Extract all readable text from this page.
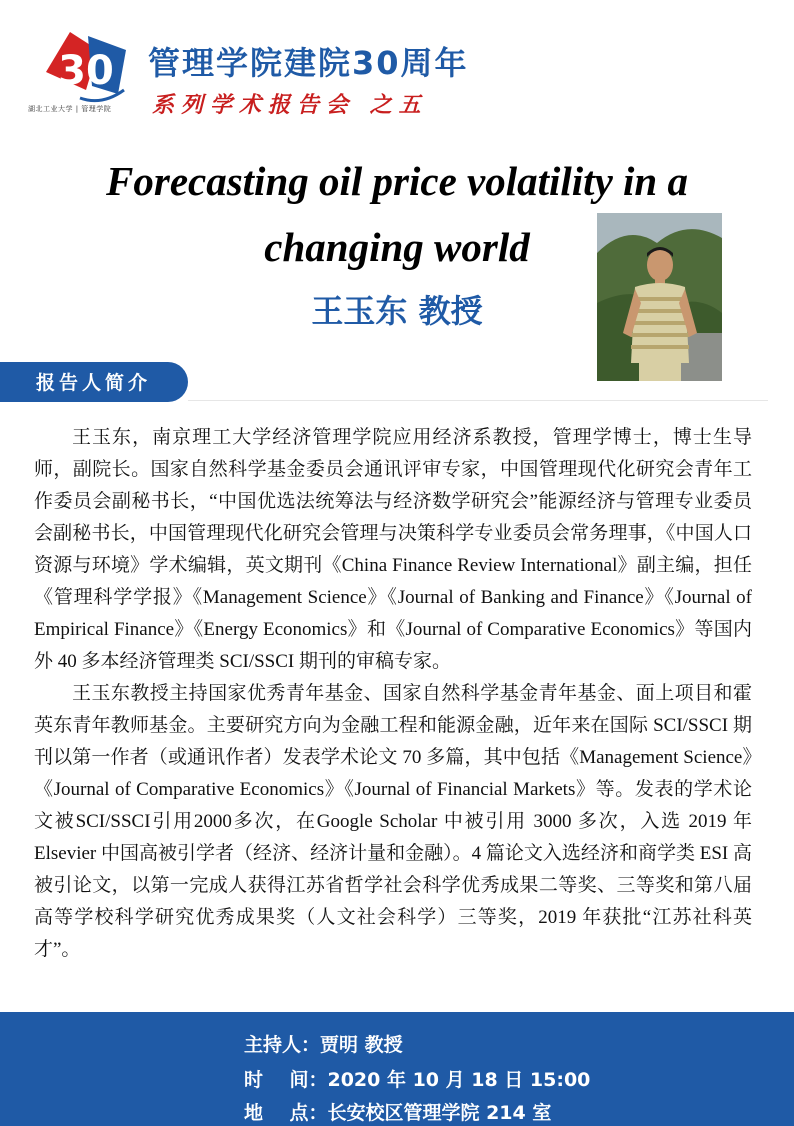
30
湖北工业大学 | 管理学院
管理学院建院30周年
系列学术报告会 之五
Forecasting oil price volatility in a changing world
王玉东 教授
报告人简介

王玉东，南京理工大学经济管理学院应用经济系教授，管理学博士，博士生导师，副院长。国家自然科学基金委员会通讯评审专家，中国管理现代化研究会青年工作委员会副秘书长，“中国优选法统筹法与经济数学研究会”能源经济与管理专业委员会副秘书长，中国管理现代化研究会管理与决策科学专业委员会常务理事，《中国人口资源与环境》学术编辑，英文期刊《China Finance Review International》副主编，担任《管理科学学报》《Management Science》《Journal of Banking and Finance》《Journal of Empirical Finance》《Energy Economics》和《Journal of Comparative Economics》等国内外 40 多本经济管理类 SCI/SSCI 期刊的审稿专家。

王玉东教授主持国家优秀青年基金、国家自然科学基金青年基金、面上项目和霍英东青年教师基金。主要研究方向为金融工程和能源金融，近年来在国际 SCI/SSCI 期刊以第一作者（或通讯作者）发表学术论文 70 多篇，其中包括《Management Science》《Journal of Comparative Economics》《Journal of Financial Markets》等。发表的学术论文被SCI/SSCI引用2000多次，在Google Scholar 中被引用 3000 多次，入选 2019 年 Elsevier 中国高被引学者（经济、经济计量和金融）。4 篇论文入选经济和商学类 ESI 高被引论文，以第一完成人获得江苏省哲学社会科学优秀成果二等奖、三等奖和第八届高等学校科学研究优秀成果奖（人文社会科学）三等奖，2019 年获批“江苏社科英才”。

主持人：贾明 教授
时    间：2020 年 10 月 18 日 15:00
地    点：长安校区管理学院 214 室
